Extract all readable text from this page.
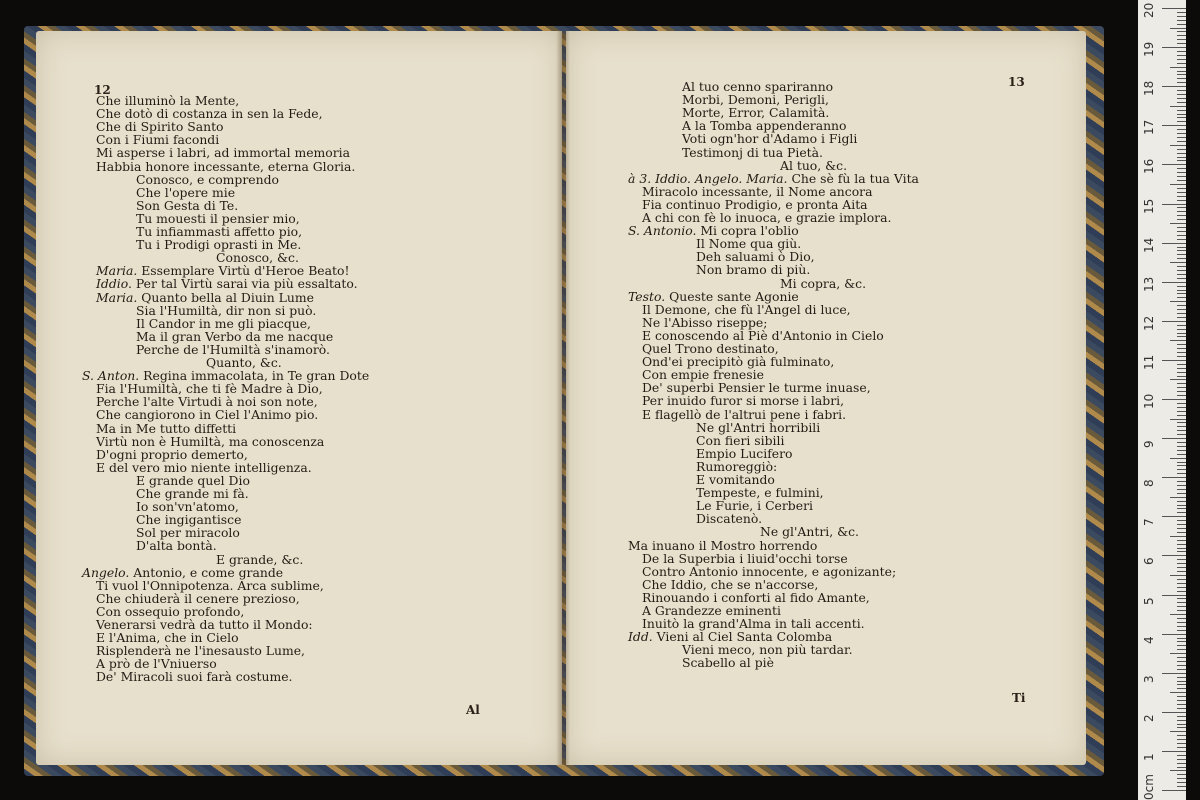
12
Che illuminò la Mente,
Che dotò di costanza in sen la Fede,
Che di Spirito Santo
Con i Fiumi facondi
Mi asperse i labri, ad immortal memoria
Habbia honore incessante, eterna Gloria.
Conosco, e comprendo
Che l'opere mie
Son Gesta di Te.
Tu mouesti il pensier mio,
Tu infiammasti affetto pio,
Tu i Prodigi oprasti in Me.
Conosco, &c.
Maria. Essemplare Virtù d'Heroe Beato!
Iddio. Per tal Virtù sarai via più essaltato.
Maria. Quanto bella al Diuin Lume
Sia l'Humiltà, dir non si può.
Il Candor in me gli piacque,
Ma il gran Verbo da me nacque
Perche de l'Humiltà s'inamorò.
Quanto, &c.
S. Anton. Regina immacolata, in Te gran Dote
Fia l'Humiltà, che ti fè Madre à Dio,
Perche l'alte Virtudi à noi son note,
Che cangiorono in Ciel l'Animo pio.
Ma in Me tutto diffetti
Virtù non è Humiltà, ma conoscenza
D'ogni proprio demerto,
E del vero mio niente intelligenza.
E grande quel Dio
Che grande mi fà.
Io son'vn'atomo,
Che ingigantisce
Sol per miracolo
D'alta bontà.
E grande, &c.
Angelo. Antonio, e come grande
Ti vuol l'Onnipotenza. Arca sublime,
Che chiuderà il cenere prezioso,
Con ossequio profondo,
Venerarsi vedrà da tutto il Mondo:
E l'Anima, che in Cielo
Risplenderà ne l'inesausto Lume,
A prò de l'Vniuerso
De' Miracoli suoi farà costume.
Al
13
Al tuo cenno spariranno
Morbi, Demoni, Perigli,
Morte, Error, Calamità.
A la Tomba appenderanno
Voti ogn'hor d'Adamo i Figli
Testimonj di tua Pietà.
Al tuo, &c.
à 3. Iddio. Angelo. Maria. Che sè fù la tua Vita
Miracolo incessante, il Nome ancora
Fia continuo Prodigio, e pronta Aita
A chi con fè lo inuoca, e grazie implora.
S. Antonio. Mi copra l'oblio
Il Nome qua giù.
Deh saluami ò Dio,
Non bramo di più.
Mi copra, &c.
Testo. Queste sante Agonie
Il Demone, che fù l'Angel di luce,
Ne l'Abisso riseppe;
E conoscendo al Piè d'Antonio in Cielo
Quel Trono destinato,
Ond'ei precipitò già fulminato,
Con empie frenesie
De' superbi Pensier le turme inuase,
Per inuido furor si morse i labri,
E flagellò de l'altrui pene i fabri.
Ne gl'Antri horribili
Con fieri sibili
Empio Lucifero
Rumoreggiò:
E vomitando
Tempeste, e fulmini,
Le Furie, i Cerberi
Discatenò.
Ne gl'Antri, &c.
Ma inuano il Mostro horrendo
De la Superbia i liuid'occhi torse
Contro Antonio innocente, e agonizante;
Che Iddio, che se n'accorse,
Rinouando i conforti al fido Amante,
A Grandezze eminenti
Inuitò la grand'Alma in tali accenti.
Idd. Vieni al Ciel Santa Colomba
Vieni meco, non più tardar.
Scabello al piè
Ti
20
19
18
17
16
15
14
13
12
11
10
9
8
7
6
5
4
3
2
1
0cm
